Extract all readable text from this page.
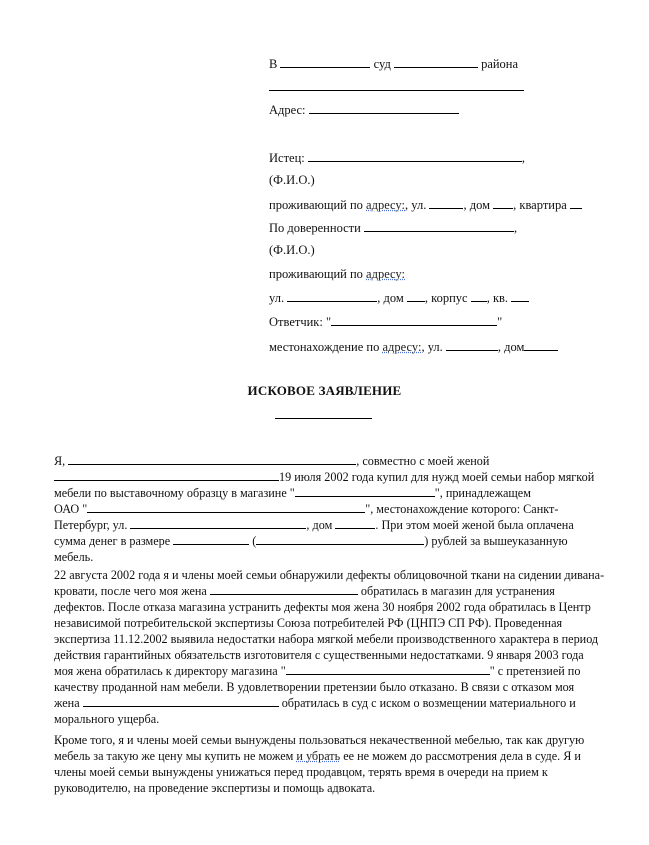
В	суд	района
Адрес:
Истец:	,
(Ф.И.О.)
проживающий по адресу:, ул.	, дом , квартира
По доверенности	,
(Ф.И.О.)
проживающий по адресу:
ул.	, дом , корпус , кв.
Ответчик: "	"
местонахождение по адресу:, ул.	, дом
ИСКОВОЕ ЗАЯВЛЕНИЕ
Я,	, совместно с моей женой
19 июля 2002 года купил для нужд моей семьи набор мягкой
мебели по выставочному образцу в магазине "	", принадлежащем
ОАО "	", местонахождение которого: Санкт-
Петербург, ул.	, дом	. При этом моей женой была оплачена
сумма денег в размере	(	) рублей за вышеуказанную
мебель.
22 августа 2002 года я и члены моей семьи обнаружили дефекты облицовочной ткани на сидении дивана-
кровати, после чего моя жена	обратилась в магазин для устранения
дефектов. После отказа магазина устранить дефекты моя жена 30 ноября 2002 года обратилась в Центр
независимой потребительской экспертизы Союза потребителей РФ (ЦНПЭ СП РФ). Проведенная
экспертиза 11.12.2002 выявила недостатки набора мягкой мебели производственного характера в период
действия гарантийных обязательств изготовителя с существенными недостатками. 9 января 2003 года
моя жена обратилась к директору магазина "	" с претензией по
качеству проданной нам мебели. В удовлетворении претензии было отказано. В связи с отказом моя
жена	обратилась в суд с иском о возмещении материального и
морального ущерба.
Кроме того, я и члены моей семьи вынуждены пользоваться некачественной мебелью, так как другую
мебель за такую же цену мы купить не можем и убрать ее не можем до рассмотрения дела в суде. Я и
члены моей семьи вынуждены унижаться перед продавцом, терять время в очереди на прием к
руководителю, на проведение экспертизы и помощь адвоката.
